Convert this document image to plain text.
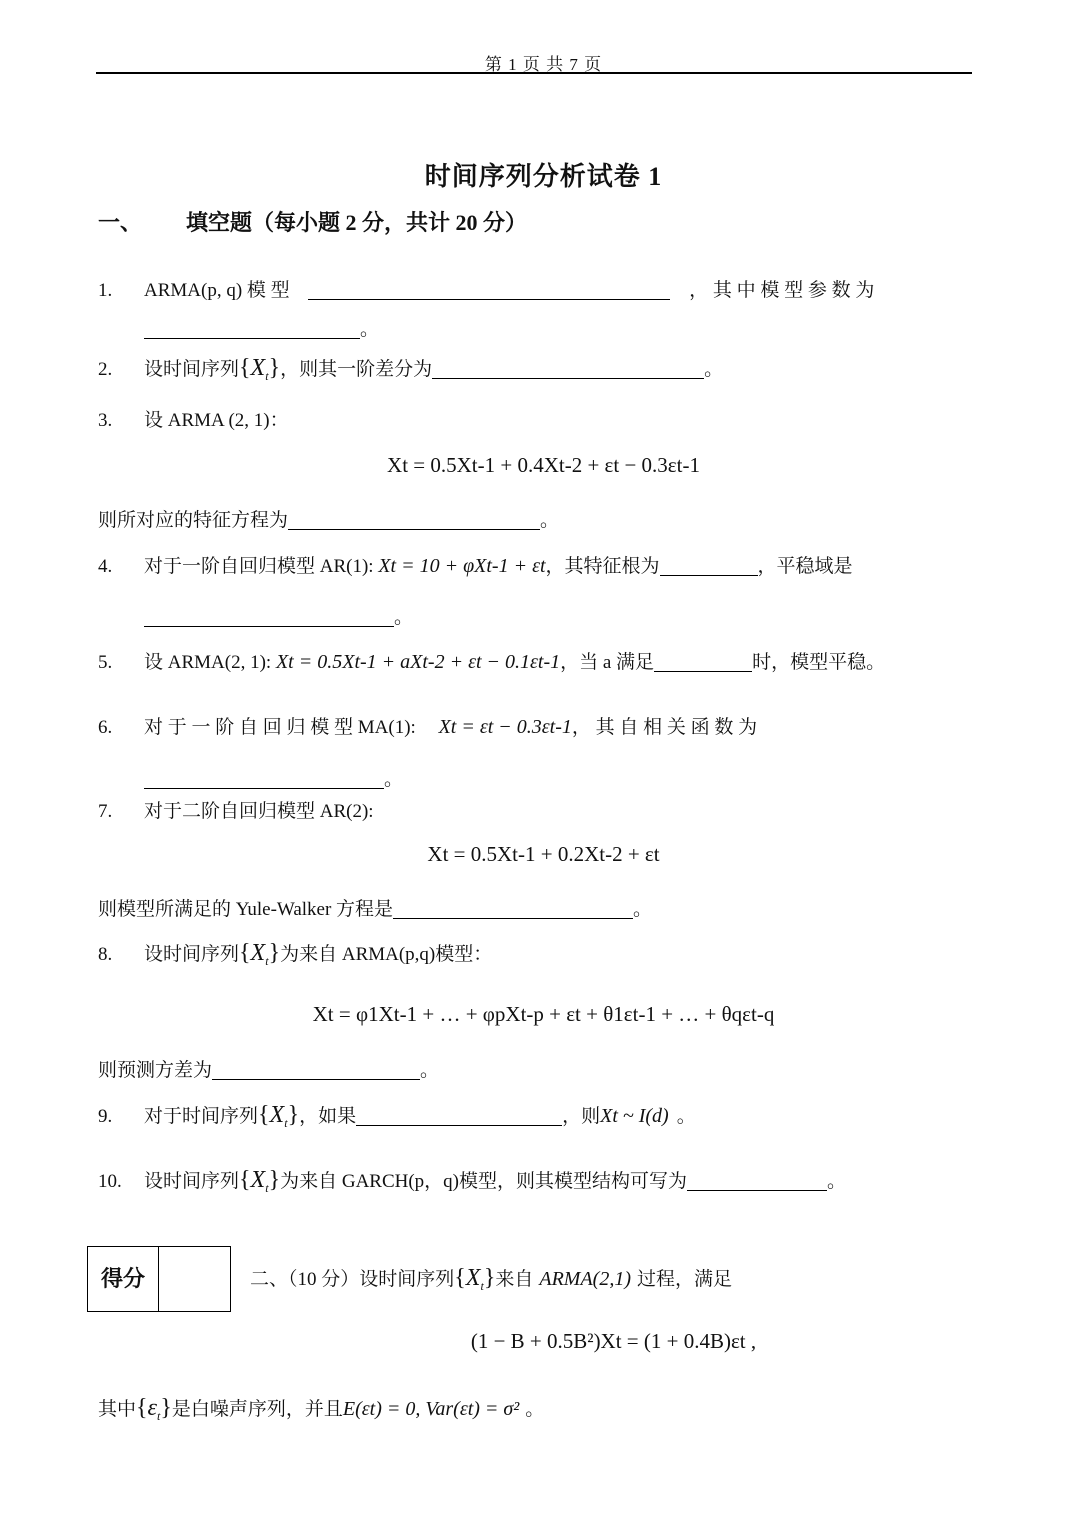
第 1 页 共 7 页
时间序列分析试卷 1
一、 填空题（每小题 2 分，共计 20 分）
1. ARMA(p, q) 模 型	， 其 中 模 型 参 数 为
。
2. 设时间序列$\{X_t\}$，则其一阶差分为	。
3. 设 ARMA (2, 1)：
Xt = 0.5Xt-1 + 0.4Xt-2 + εt − 0.3εt-1
则所对应的特征方程为	。
4. 对于一阶自回归模型 AR(1): Xt = 10 + φXt-1 + εt，其特征根为	，平稳域是
。
5. 设 ARMA(2, 1): Xt = 0.5Xt-1 + aXt-2 + εt − 0.1εt-1，当 a 满足	时，模型平稳。
6. 对 于 一 阶 自 回 归 模 型 MA(1): Xt = εt − 0.3εt-1， 其 自 相 关 函 数 为
。
7. 对于二阶自回归模型 AR(2):
Xt = 0.5Xt-1 + 0.2Xt-2 + εt
则模型所满足的 Yule-Walker 方程是	。
8. 设时间序列$\{X_t\}$为来自 ARMA(p,q)模型：
Xt = φ1Xt-1 + … + φpXt-p + εt + θ1εt-1 + … + θqεt-q
则预测方差为	。
9. 对于时间序列$\{X_t\}$，如果	，则Xt ~ I(d) 。
10. 设时间序列$\{X_t\}$为来自 GARCH(p，q)模型，则其模型结构可写为	。
得分	二、（10 分）设时间序列$\{X_t\}$来自 ARMA(2,1) 过程，满足
(1 − B + 0.5B²)Xt = (1 + 0.4B)εt ,
其中$\{\varepsilon_t\}$是白噪声序列，并且E(εt) = 0, Var(εt) = σ² 。
